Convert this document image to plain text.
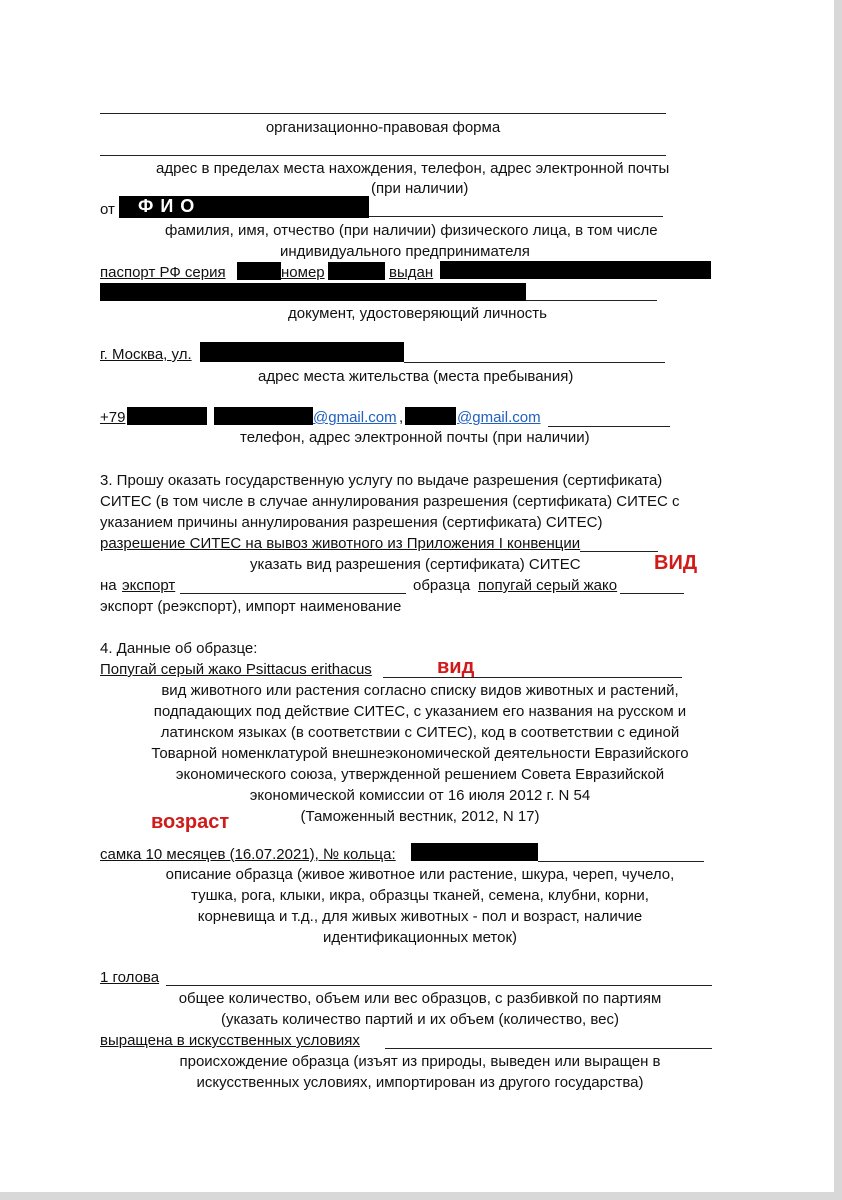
организационно-правовая форма
адрес в пределах места нахождения, телефон, адрес электронной почты
(при наличии)
от ФИО
фамилия, имя, отчество (при наличии) физического лица, в том числе
индивидуального предпринимателя
паспорт РФ серия	номер	выдан
документ, удостоверяющий личность
г. Москва, ул.
адрес места жительства (места пребывания)
+79	@gmail.com ,	@gmail.com
телефон, адрес электронной почты (при наличии)
3. Прошу оказать государственную услугу по выдаче разрешения (сертификата)
СИТЕС (в том числе в случае аннулирования разрешения (сертификата) СИТЕС с
указанием причины аннулирования разрешения (сертификата) СИТЕС)
разрешение СИТЕС на вывоз животного из Приложения I конвенции
указать вид разрешения (сертификата) СИТЕС	ВИД
на экспорт	образца попугай серый жако
экспорт (реэкспорт), импорт наименование
4. Данные об образце:
Попугай серый жако Psittacus erithacus	вид
вид животного или растения согласно списку видов животных и растений,
подпадающих под действие СИТЕС, с указанием его названия на русском и
латинском языках (в соответствии с СИТЕС), код в соответствии с единой
Товарной номенклатурой внешнеэкономической деятельности Евразийского
экономического союза, утвержденной решением Совета Евразийской
экономической комиссии от 16 июля 2012 г. N 54
(Таможенный вестник, 2012, N 17)
возраст
самка 10 месяцев (16.07.2021), № кольца:
описание образца (живое животное или растение, шкура, череп, чучело,
тушка, рога, клыки, икра, образцы тканей, семена, клубни, корни,
корневища и т.д., для живых животных - пол и возраст, наличие
идентификационных меток)
1 голова
общее количество, объем или вес образцов, с разбивкой по партиям
(указать количество партий и их объем (количество, вес)
выращена в искусственных условиях
происхождение образца (изъят из природы, выведен или выращен в
искусственных условиях, импортирован из другого государства)
